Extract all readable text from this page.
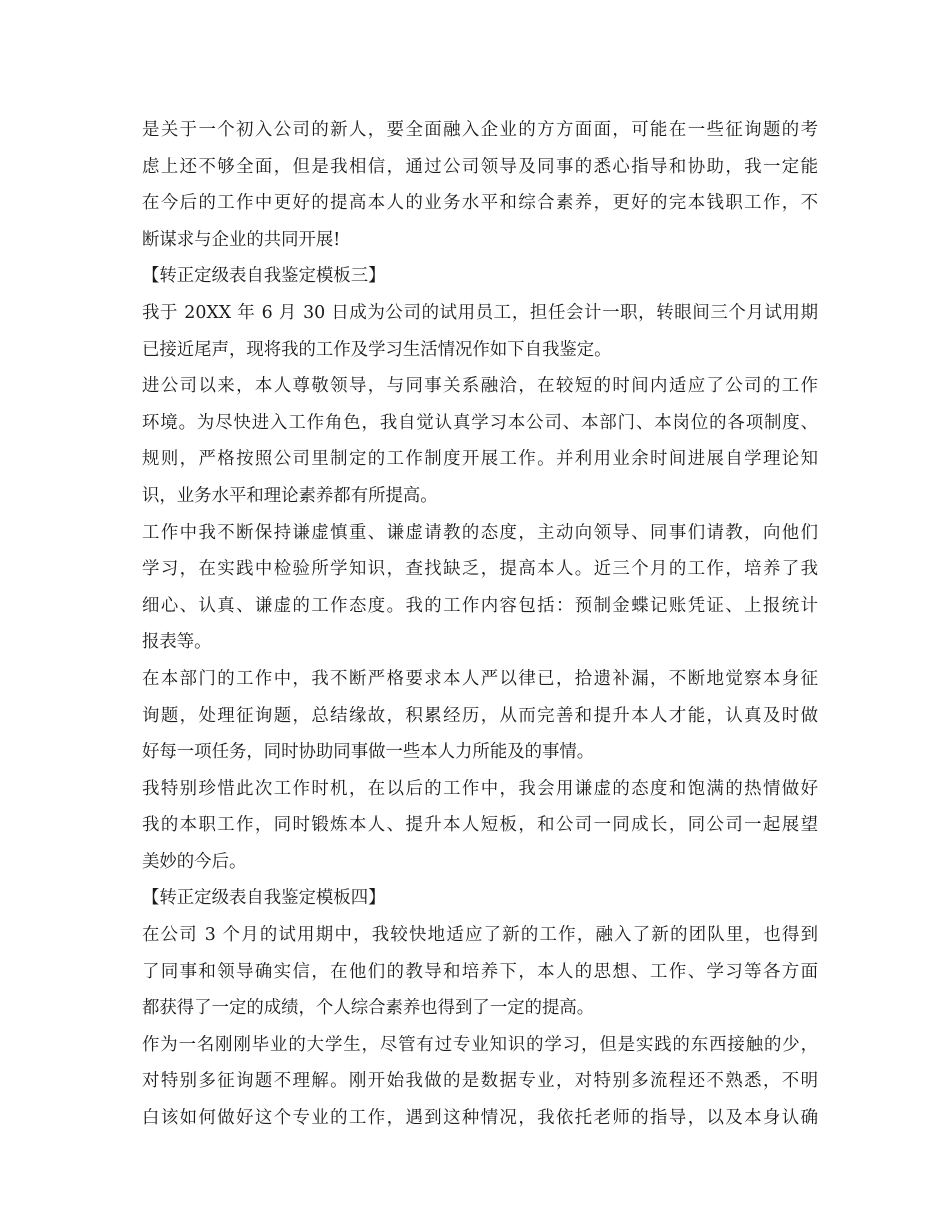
是关于一个初入公司的新人，要全面融入企业的方方面面，可能在一些征询题的考
虑上还不够全面，但是我相信，通过公司领导及同事的悉心指导和协助，我一定能
在今后的工作中更好的提高本人的业务水平和综合素养，更好的完本钱职工作，不
断谋求与企业的共同开展!
【转正定级表自我鉴定模板三】
我于 20XX 年 6 月 30 日成为公司的试用员工，担任会计一职，转眼间三个月试用期
已接近尾声，现将我的工作及学习生活情况作如下自我鉴定。
进公司以来，本人尊敬领导，与同事关系融洽，在较短的时间内适应了公司的工作
环境。为尽快进入工作角色，我自觉认真学习本公司、本部门、本岗位的各项制度、
规则，严格按照公司里制定的工作制度开展工作。并利用业余时间进展自学理论知
识，业务水平和理论素养都有所提高。
工作中我不断保持谦虚慎重、谦虚请教的态度，主动向领导、同事们请教，向他们
学习，在实践中检验所学知识，查找缺乏，提高本人。近三个月的工作，培养了我
细心、认真、谦虚的工作态度。我的工作内容包括：预制金蝶记账凭证、上报统计
报表等。
在本部门的工作中，我不断严格要求本人严以律已，拾遗补漏，不断地觉察本身征
询题，处理征询题，总结缘故，积累经历，从而完善和提升本人才能，认真及时做
好每一项任务，同时协助同事做一些本人力所能及的事情。
我特别珍惜此次工作时机，在以后的工作中，我会用谦虚的态度和饱满的热情做好
我的本职工作，同时锻炼本人、提升本人短板，和公司一同成长，同公司一起展望
美妙的今后。
【转正定级表自我鉴定模板四】
在公司 3 个月的试用期中，我较快地适应了新的工作，融入了新的团队里，也得到
了同事和领导确实信，在他们的教导和培养下，本人的思想、工作、学习等各方面
都获得了一定的成绩，个人综合素养也得到了一定的提高。
作为一名刚刚毕业的大学生，尽管有过专业知识的学习，但是实践的东西接触的少，
对特别多征询题不理解。刚开始我做的是数据专业，对特别多流程还不熟悉，不明
白该如何做好这个专业的工作，遇到这种情况，我依托老师的指导，以及本身认确
